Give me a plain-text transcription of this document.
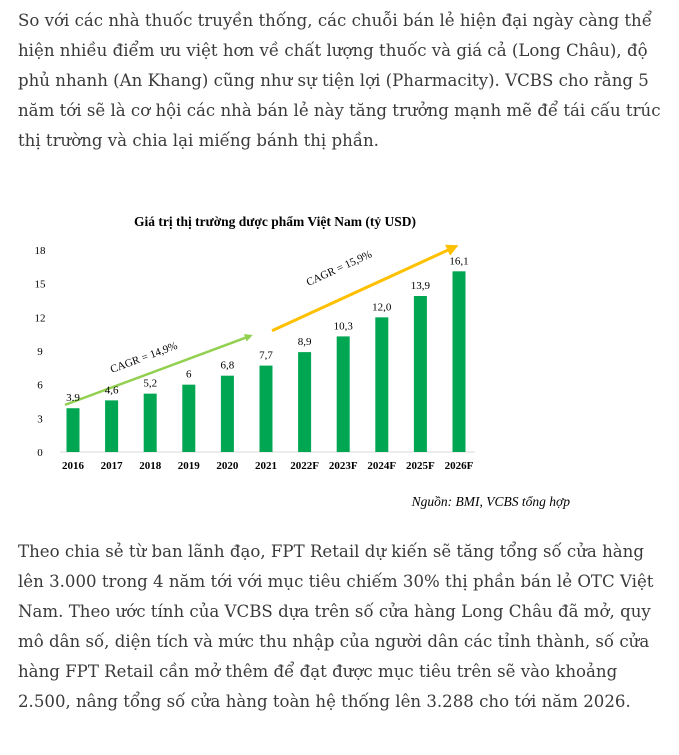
So với các nhà thuốc truyền thống, các chuỗi bán lẻ hiện đại ngày càng thể hiện nhiều điểm ưu việt hơn về chất lượng thuốc và giá cả (Long Châu), độ phủ nhanh (An Khang) cũng như sự tiện lợi (Pharmacity). VCBS cho rằng 5 năm tới sẽ là cơ hội các nhà bán lẻ này tăng trưởng mạnh mẽ để tái cấu trúc thị trường và chia lại miếng bánh thị phần.

Giá trị thị trường dược phẩm Việt Nam (tỷ USD)
0
3
6
9
12
15
18
2016 2017 2018 2019 2020 2021 2022F 2023F 2024F 2025F 2026F
CAGR = 14,9%
CAGR = 15,9%
3.9
4,6
5,2
6
6,8
7,7
8,9
10,3
12,0
13,9
16,1
Nguồn: BMI, VCBS tổng hợp

Theo chia sẻ từ ban lãnh đạo, FPT Retail dự kiến sẽ tăng tổng số cửa hàng lên 3.000 trong 4 năm tới với mục tiêu chiếm 30% thị phần bán lẻ OTC Việt Nam. Theo ước tính của VCBS dựa trên số cửa hàng Long Châu đã mở, quy mô dân số, diện tích và mức thu nhập của người dân các tỉnh thành, số cửa hàng FPT Retail cần mở thêm để đạt được mục tiêu trên sẽ vào khoảng 2.500, nâng tổng số cửa hàng toàn hệ thống lên 3.288 cho tới năm 2026.
